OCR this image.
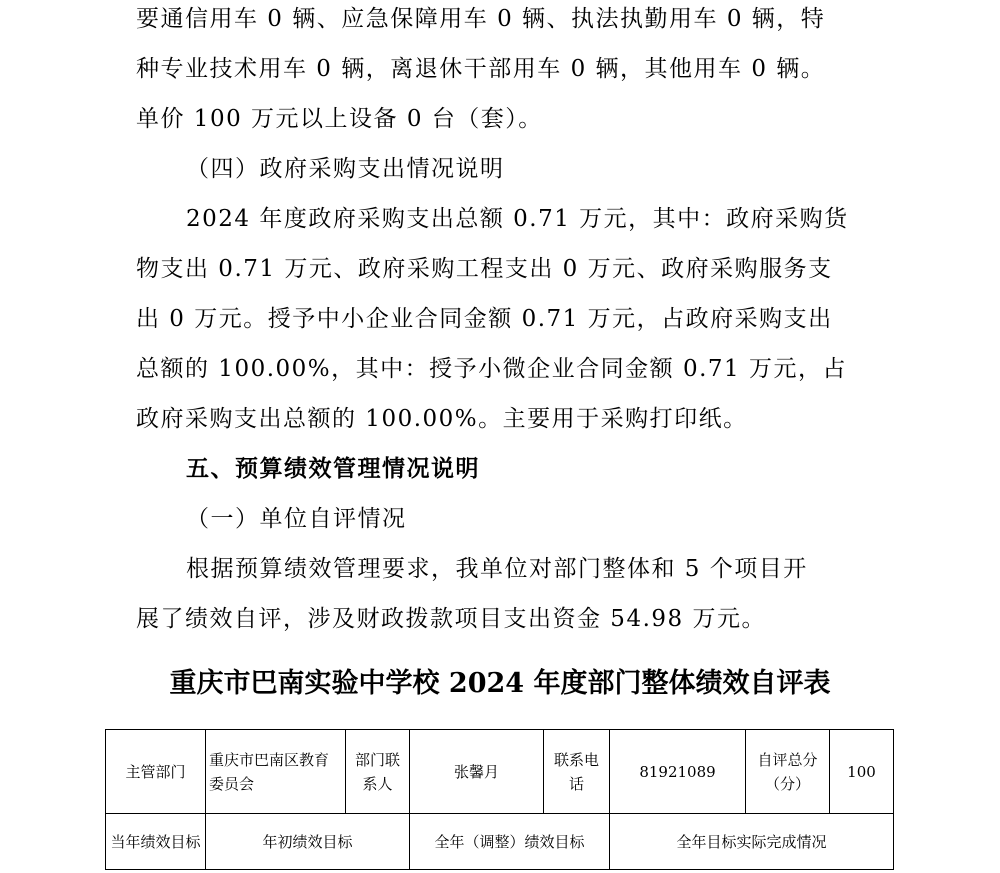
要通信用车 0 辆、应急保障用车 0 辆、执法执勤用车 0 辆，特
种专业技术用车 0 辆，离退休干部用车 0 辆，其他用车 0 辆。
单价 100 万元以上设备 0 台（套）。
（四）政府采购支出情况说明
2024 年度政府采购支出总额 0.71 万元，其中：政府采购货
物支出 0.71 万元、政府采购工程支出 0 万元、政府采购服务支
出 0 万元。授予中小企业合同金额 0.71 万元，占政府采购支出
总额的 100.00%，其中：授予小微企业合同金额 0.71 万元，占
政府采购支出总额的 100.00%。主要用于采购打印纸。
五、预算绩效管理情况说明
（一）单位自评情况
根据预算绩效管理要求，我单位对部门整体和 5 个项目开
展了绩效自评，涉及财政拨款项目支出资金 54.98 万元。
重庆市巴南实验中学校 2024 年度部门整体绩效自评表
主管部门	重庆市巴南区教育委员会	部门联系人	张馨月	联系电话	81921089	自评总分（分）	100
当年绩效目标	年初绩效目标		全年（调整）绩效目标		全年目标实际完成情况		
